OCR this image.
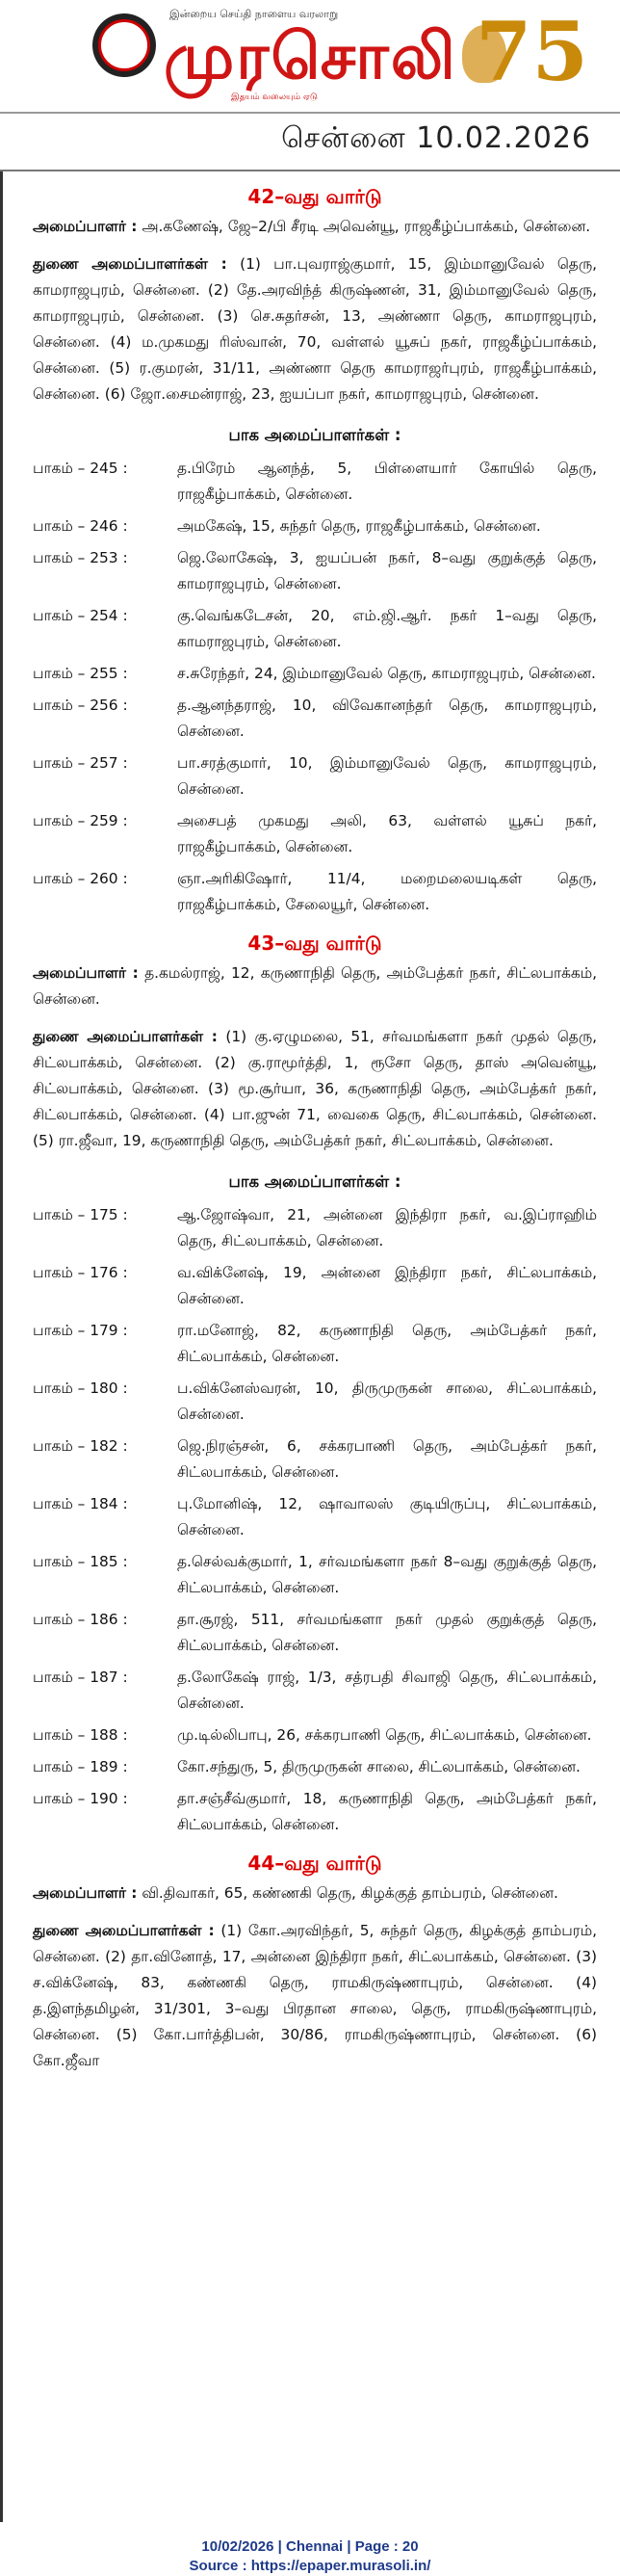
இன்றைய செய்தி நாளைய வரலாறு
முரசொலி
இதயம் வலையும் ஏடு 75
சென்னை 10.02.2026
42–வது வார்டு
அமைப்பாளர் : அ.கணேஷ், ஜே–2/பி சீரடி அவென்யூ, ராஜகீழ்ப்பாக்கம், சென்னை.
துணை அமைப்பாளர்கள் : (1) பா.புவராஜ்குமார், 15, இம்மானுவேல் தெரு, காமராஜபுரம், சென்னை. (2) தே.அரவிந்த் கிருஷ்ணன், 31, இம்மானுவேல் தெரு, காமராஜபுரம், சென்னை. (3) செ.சுதர்சன், 13, அண்ணா தெரு, காமராஜபுரம், சென்னை. (4) ம.முகமது ரிஸ்வான், 70, வள்ளல் யூசுப் நகர், ராஜகீழ்ப்பாக்கம், சென்னை. (5) ர.குமரன், 31/11, அண்ணா தெரு காமராஜர்புரம், ராஜகீழ்பாக்கம், சென்னை. (6) ஜோ.சைமன்ராஜ், 23, ஐயப்பா நகர், காமராஜபுரம், சென்னை.
பாக அமைப்பாளர்கள் :
பாகம் – 245 :	த.பிரேம் ஆனந்த், 5, பிள்ளையார் கோயில் தெரு, ராஜகீழ்பாக்கம், சென்னை.
பாகம் – 246 :	அமகேஷ், 15, சுந்தர் தெரு, ராஜகீழ்பாக்கம், சென்னை.
பாகம் – 253 :	ஜெ.லோகேஷ், 3, ஐயப்பன் நகர், 8–வது குறுக்குத் தெரு, காமராஜபுரம், சென்னை.
பாகம் – 254 :	கு.வெங்கடேசன், 20, எம்.ஜி.ஆர். நகர் 1–வது தெரு, காமராஜபுரம், சென்னை.
பாகம் – 255 :	ச.சுரேந்தர், 24, இம்மானுவேல் தெரு, காமராஜபுரம், சென்னை.
பாகம் – 256 :	த.ஆனந்தராஜ், 10, விவேகானந்தர் தெரு, காமராஜபுரம், சென்னை.
பாகம் – 257 :	பா.சரத்குமார், 10, இம்மானுவேல் தெரு, காமராஜபுரம், சென்னை.
பாகம் – 259 :	அசைபத் முகமது அலி, 63, வள்ளல் யூசுப் நகர், ராஜகீழ்பாக்கம், சென்னை.
பாகம் – 260 :	ஞா.அரிகிஷோர், 11/4, மறைமலையடிகள் தெரு, ராஜகீழ்பாக்கம், சேலையூர், சென்னை.
43–வது வார்டு
அமைப்பாளர் : த.கமல்ராஜ், 12, கருணாநிதி தெரு, அம்பேத்கர் நகர், சிட்லபாக்கம், சென்னை.
துணை அமைப்பாளர்கள் : (1) கு.ஏழுமலை, 51, சர்வமங்களா நகர் முதல் தெரு, சிட்லபாக்கம், சென்னை. (2) கு.ராமூர்த்தி, 1, ரூசோ தெரு, தாஸ் அவென்யூ, சிட்லபாக்கம், சென்னை. (3) மூ.சூர்யா, 36, கருணாநிதி தெரு, அம்பேத்கர் நகர், சிட்லபாக்கம், சென்னை. (4) பா.ஜுன் 71, வைகை தெரு, சிட்லபாக்கம், சென்னை. (5) ரா.ஜீவா, 19, கருணாநிதி தெரு, அம்பேத்கர் நகர், சிட்லபாக்கம், சென்னை.
பாக அமைப்பாளர்கள் :
பாகம் – 175 :	ஆ.ஜோஷ்வா, 21, அன்னை இந்திரா நகர், வ.இப்ராஹிம் தெரு, சிட்லபாக்கம், சென்னை.
பாகம் – 176 :	வ.விக்னேஷ், 19, அன்னை இந்திரா நகர், சிட்லபாக்கம், சென்னை.
பாகம் – 179 :	ரா.மனோஜ், 82, கருணாநிதி தெரு, அம்பேத்கர் நகர், சிட்லபாக்கம், சென்னை.
பாகம் – 180 :	ப.விக்னேஸ்வரன், 10, திருமுருகன் சாலை, சிட்லபாக்கம், சென்னை.
பாகம் – 182 :	ஜெ.நிரஞ்சன், 6, சக்கரபாணி தெரு, அம்பேத்கர் நகர், சிட்லபாக்கம், சென்னை.
பாகம் – 184 :	பு.மோனிஷ், 12, ஷாவாலஸ் குடியிருப்பு, சிட்லபாக்கம், சென்னை.
பாகம் – 185 :	த.செல்வக்குமார், 1, சர்வமங்களா நகர் 8–வது குறுக்குத் தெரு, சிட்லபாக்கம், சென்னை.
பாகம் – 186 :	தா.சூரஜ், 511, சர்வமங்களா நகர் முதல் குறுக்குத் தெரு, சிட்லபாக்கம், சென்னை.
பாகம் – 187 :	த.லோகேஷ் ராஜ், 1/3, சத்ரபதி சிவாஜி தெரு, சிட்லபாக்கம், சென்னை.
பாகம் – 188 :	மு.டில்லிபாபு, 26, சக்கரபாணி தெரு, சிட்லபாக்கம், சென்னை.
பாகம் – 189 :	கோ.சந்துரு, 5, திருமுருகன் சாலை, சிட்லபாக்கம், சென்னை.
பாகம் – 190 :	தா.சஞ்சீவ்குமார், 18, கருணாநிதி தெரு, அம்பேத்கர் நகர், சிட்லபாக்கம், சென்னை.
44–வது வார்டு
அமைப்பாளர் : வி.திவாகர், 65, கண்ணகி தெரு, கிழக்குத் தாம்பரம், சென்னை.
துணை அமைப்பாளர்கள் : (1) கோ.அரவிந்தர், 5, சுந்தர் தெரு, கிழக்குத் தாம்பரம், சென்னை. (2) தா.வினோத், 17, அன்னை இந்திரா நகர், சிட்லபாக்கம், சென்னை. (3) ச.விக்னேஷ், 83, கண்ணகி தெரு, ராமகிருஷ்ணாபுரம், சென்னை. (4) த.இளந்தமிழன், 31/301, 3–வது பிரதான சாலை, தெரு, ராமகிருஷ்ணாபுரம், சென்னை. (5) கோ.பார்த்திபன், 30/86, ராமகிருஷ்ணாபுரம், சென்னை. (6) கோ.ஜீவா
10/02/2026 | Chennai | Page : 20
Source : https://epaper.murasoli.in/
